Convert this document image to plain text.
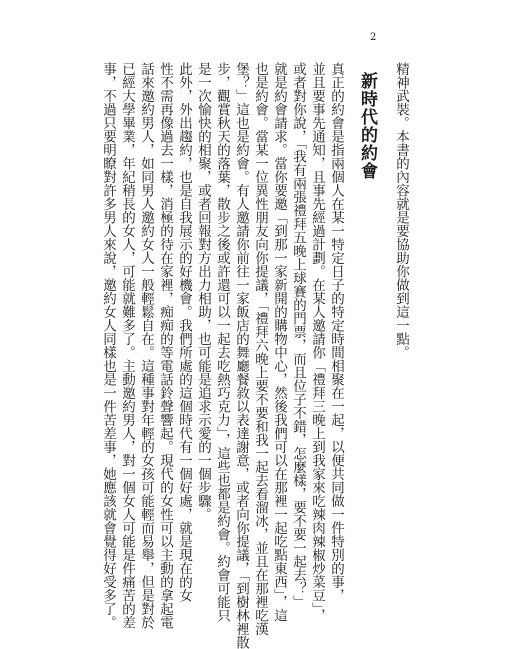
2
精神武裝。本書的內容就是要協助你做到這一點。
新時代的約會
真正的約會是指兩個人在某一特定日子的特定時間相聚在一起，以便共同做一件特別的事，
並且要事先通知，且事先經過計劃。在某人邀請你「禮拜三晚上到我家來吃辣肉辣椒炒菜豆」，
或者對你說，「我有兩張禮拜五晚上球賽的門票，而且位子不錯，怎麼樣，要不要一起去？」
就是約會請求。當你要邀「到那一家新開的購物中心，然後我們可以在那裡一起吃點東西」，這
也是約會。當某一位異性朋友向你提議，「禮拜六晚上要不要和我一起去看溜冰，並且在那裡吃漢
堡？」這也是約會。有人邀請你前往一家飯店的舞廳餐敘以表達謝意，或者向你提議，「到樹林裡散
步，觀賞秋天的落葉，散步之後或許還可以一起去吃熱巧克力」，這些也都是約會。約會可能只
是一次愉快的相聚，或者回報對方出力相助，也可能是追求示愛的一個步驟。
此外，外出趨約，也是自我展示的好機會。我們所處的這個時代有一個好處，就是現在的女
性不需再像過去一樣，消極的待在家裡，痴痴的等電話鈴聲響起。現代的女性可以主動的拿起電
話來邀約男人，如同男人邀約女人一般輕鬆自在。這種事對年輕的女孩可能輕而易舉，但是對於
已經大學畢業，年紀稍長的女人，可能就難多了。主動邀約男人，對一個女人可能是件痛苦的差
事，不過只要明瞭對許多男人來說，邀約女人同樣也是一件苦差事，她應該就會覺得好受多了。
